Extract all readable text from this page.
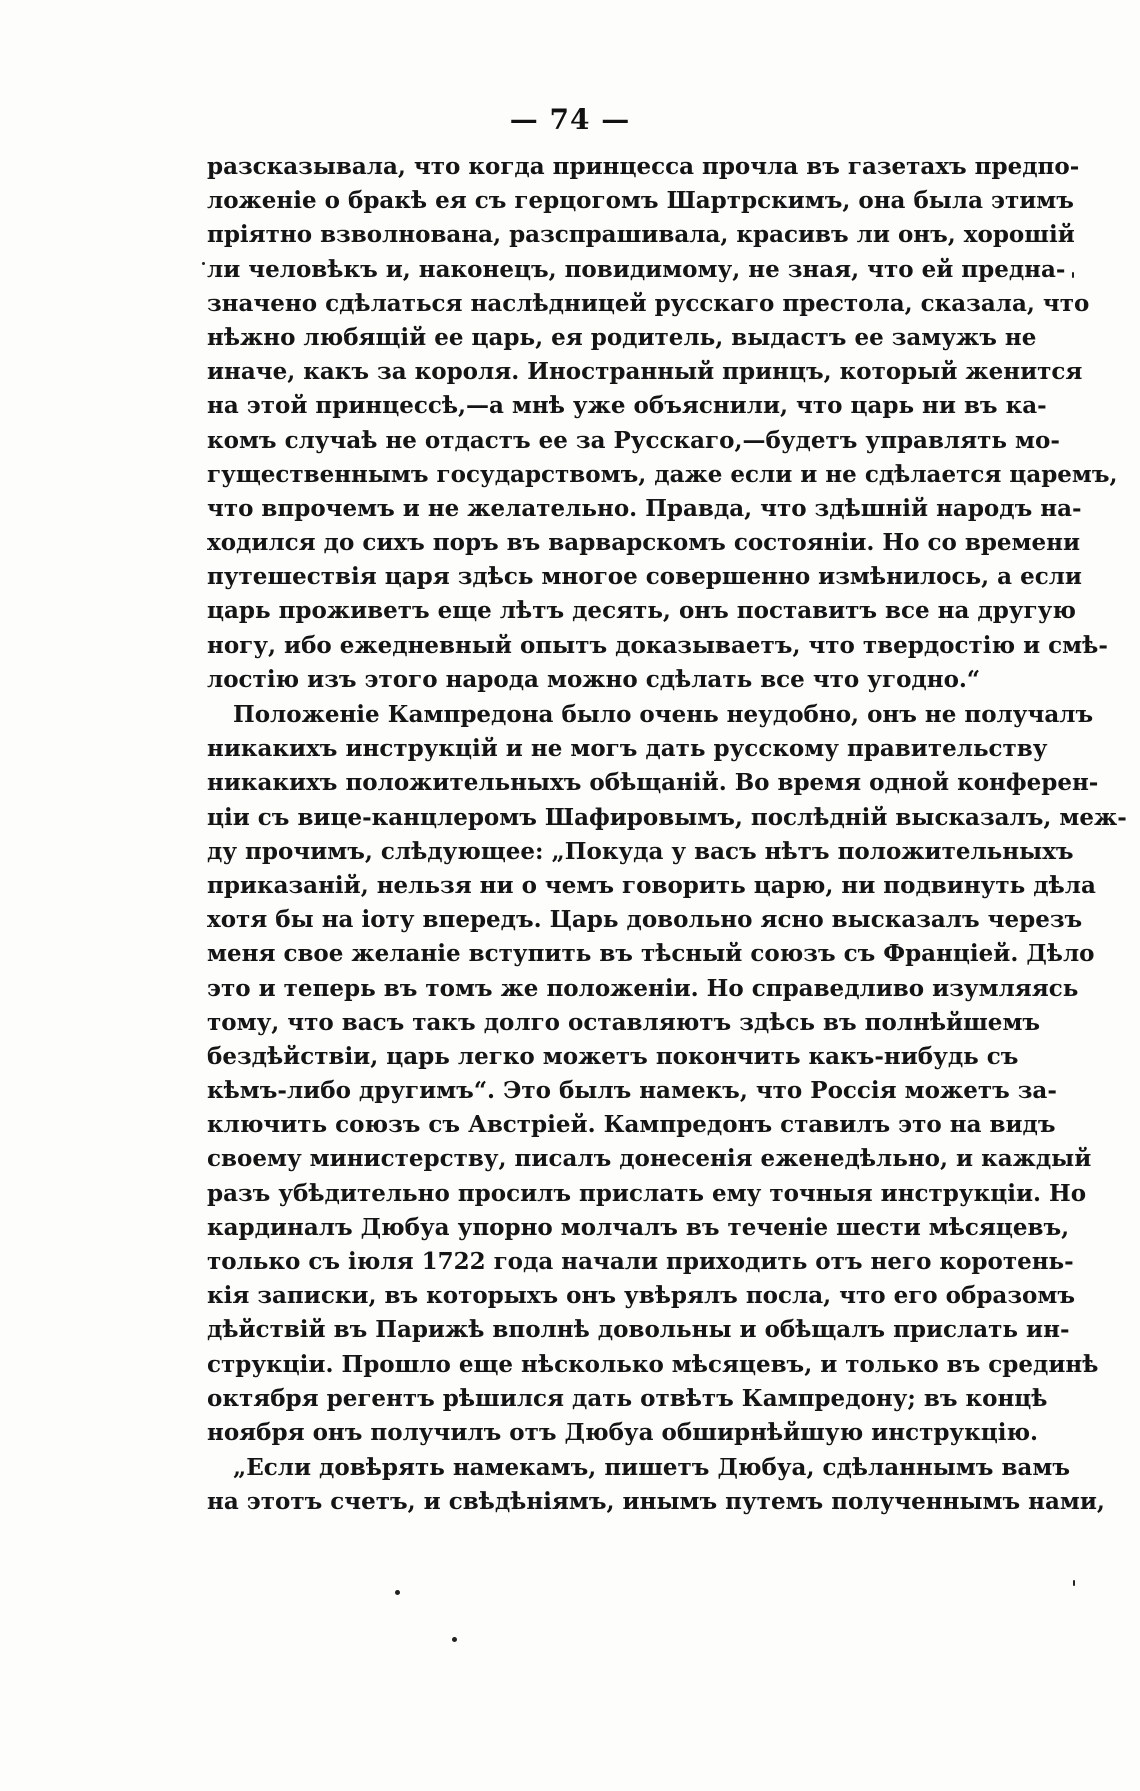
— 74 —
разсказывала, что когда принцесса прочла въ газетахъ предпо-
ложеніе о бракѣ ея съ герцогомъ Шартрскимъ, она была этимъ
пріятно взволнована, разспрашивала, красивъ ли онъ, хорошій
ли человѣкъ и, наконецъ, повидимому, не зная, что ей предна-
значено сдѣлаться наслѣдницей русскаго престола, сказала, что
нѣжно любящій ее царь, ея родитель, выдастъ ее замужъ не
иначе, какъ за короля. Иностранный принцъ, который женится
на этой принцессѣ,—а мнѣ уже объяснили, что царь ни въ ка-
комъ случаѣ не отдастъ ее за Русскаго,—будетъ управлять мо-
гущественнымъ государствомъ, даже если и не сдѣлается царемъ,
что впрочемъ и не желательно. Правда, что здѣшній народъ на-
ходился до сихъ поръ въ варварскомъ состояніи. Но со времени
путешествія царя здѣсь многое совершенно измѣнилось, а если
царь проживетъ еще лѣтъ десять, онъ поставитъ все на другую
ногу, ибо ежедневный опытъ доказываетъ, что твердостію и смѣ-
лостію изъ этого народа можно сдѣлать все что угодно.“
Положеніе Кампредона было очень неудобно, онъ не получалъ
никакихъ инструкцій и не могъ дать русскому правительству
никакихъ положительныхъ обѣщаній. Во время одной конферен-
ціи съ вице-канцлеромъ Шафировымъ, послѣдній высказалъ, меж-
ду прочимъ, слѣдующее: „Покуда у васъ нѣтъ положительныхъ
приказаній, нельзя ни о чемъ говорить царю, ни подвинуть дѣла
хотя бы на іоту впередъ. Царь довольно ясно высказалъ черезъ
меня свое желаніе вступить въ тѣсный союзъ съ Франціей. Дѣло
это и теперь въ томъ же положеніи. Но справедливо изумляясь
тому, что васъ такъ долго оставляютъ здѣсь въ полнѣйшемъ
бездѣйствіи, царь легко можетъ покончить какъ-нибудь съ
кѣмъ-либо другимъ“. Это былъ намекъ, что Россія можетъ за-
ключить союзъ съ Австріей. Кампредонъ ставилъ это на видъ
своему министерству, писалъ донесенія еженедѣльно, и каждый
разъ убѣдительно просилъ прислать ему точныя инструкціи. Но
кардиналъ Дюбуа упорно молчалъ въ теченіе шести мѣсяцевъ,
только съ іюля 1722 года начали приходить отъ него коротень-
кія записки, въ которыхъ онъ увѣрялъ посла, что его образомъ
дѣйствій въ Парижѣ вполнѣ довольны и обѣщалъ прислать ин-
струкціи. Прошло еще нѣсколько мѣсяцевъ, и только въ срединѣ
октября регентъ рѣшился дать отвѣтъ Кампредону; въ концѣ
ноября онъ получилъ отъ Дюбуа обширнѣйшую инструкцію.
„Если довѣрять намекамъ, пишетъ Дюбуа, сдѣланнымъ вамъ
на этотъ счетъ, и свѣдѣніямъ, инымъ путемъ полученнымъ нами,
